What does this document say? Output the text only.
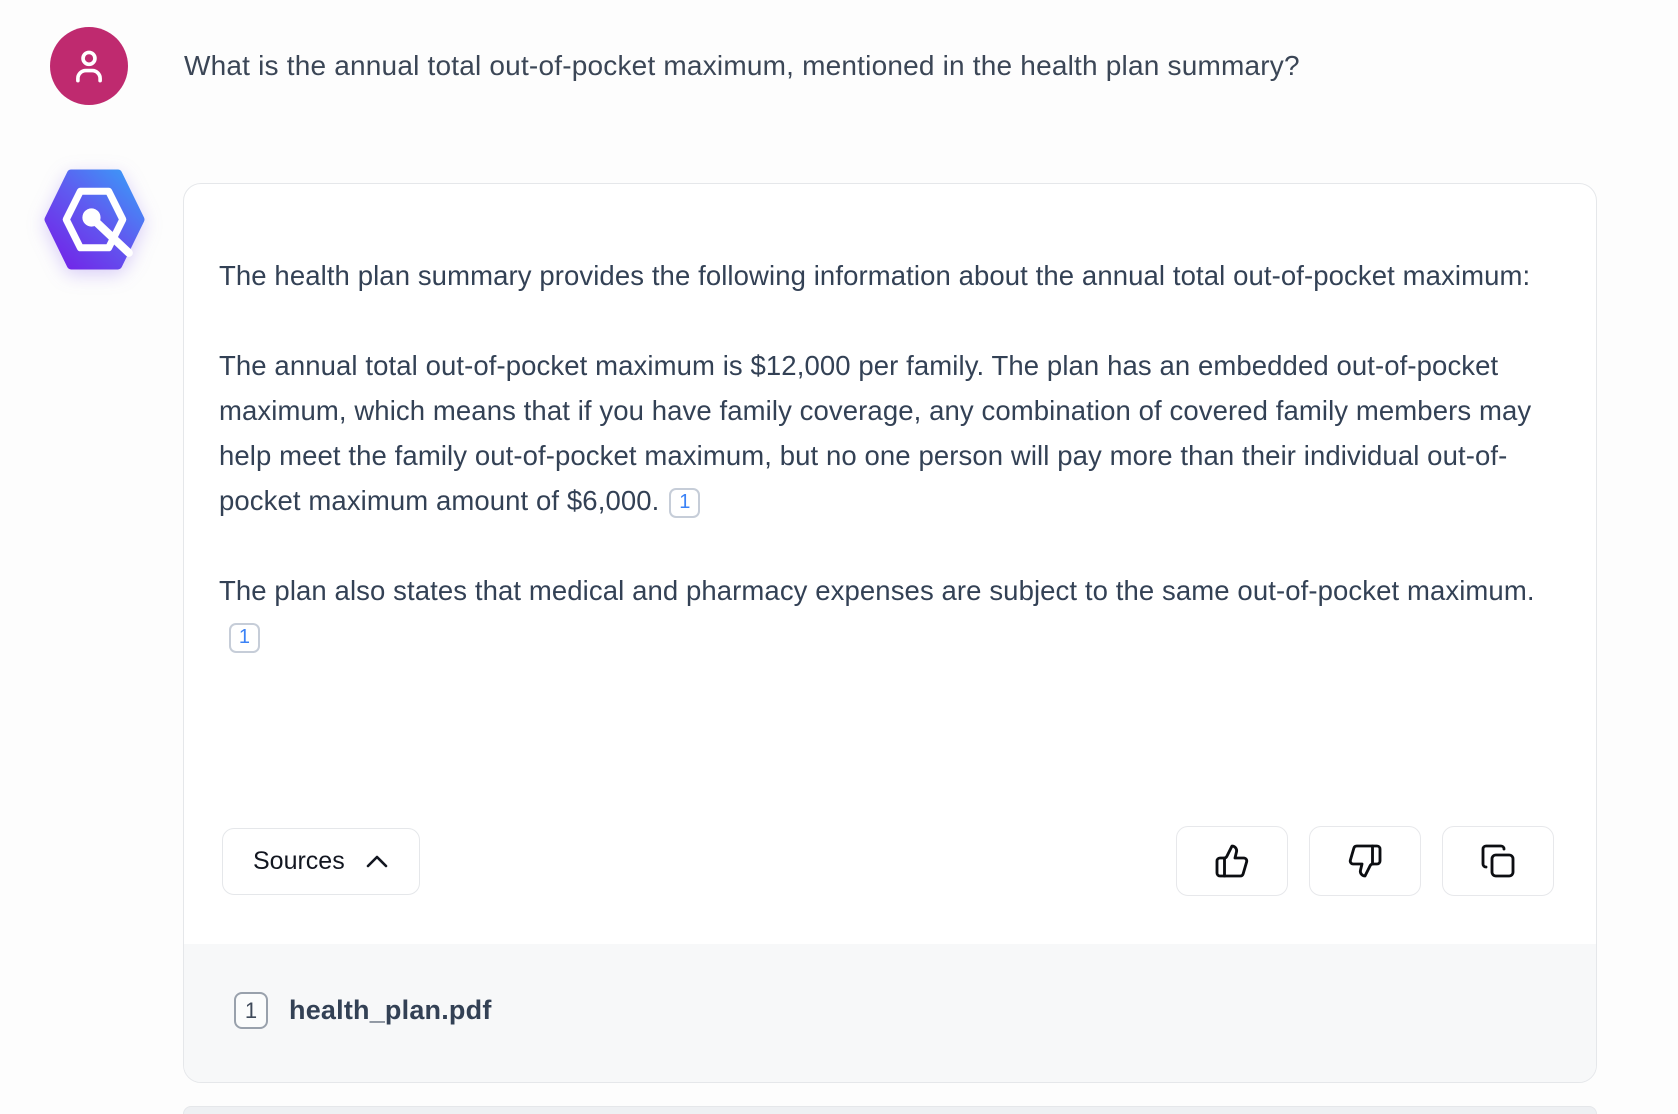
What is the annual total out-of-pocket maximum, mentioned in the health plan summary?

The health plan summary provides the following information about the annual total out-of-pocket maximum:

The annual total out-of-pocket maximum is $12,000 per family. The plan has an embedded out-of-pocket maximum, which means that if you have family coverage, any combination of covered family members may help meet the family out-of-pocket maximum, but no one person will pay more than their individual out-of-pocket maximum amount of $6,000. 1

The plan also states that medical and pharmacy expenses are subject to the same out-of-pocket maximum.1

Sources
1	health_plan.pdf
